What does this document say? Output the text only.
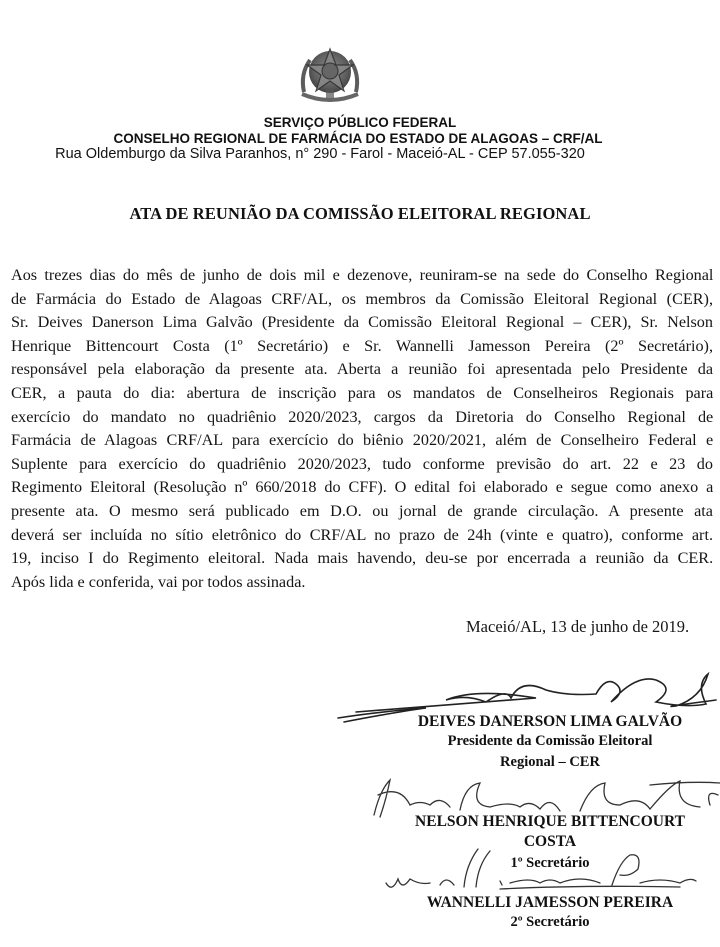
SERVIÇO PÚBLICO FEDERAL
CONSELHO REGIONAL DE FARMÁCIA DO ESTADO DE ALAGOAS – CRF/AL
Rua Oldemburgo da Silva Paranhos, n° 290 - Farol - Maceió-AL - CEP 57.055-320
ATA DE REUNIÃO DA COMISSÃO ELEITORAL REGIONAL
Aos trezes dias do mês de junho de dois mil e dezenove, reuniram-se na sede do Conselho Regional
de Farmácia do Estado de Alagoas CRF/AL, os membros da Comissão Eleitoral Regional (CER),
Sr. Deives Danerson Lima Galvão (Presidente da Comissão Eleitoral Regional – CER), Sr. Nelson
Henrique Bittencourt Costa (1º Secretário) e Sr. Wannelli Jamesson Pereira (2º Secretário),
responsável pela elaboração da presente ata. Aberta a reunião foi apresentada pelo Presidente da
CER, a pauta do dia: abertura de inscrição para os mandatos de Conselheiros Regionais para
exercício do mandato no quadriênio 2020/2023, cargos da Diretoria do Conselho Regional de
Farmácia de Alagoas CRF/AL para exercício do biênio 2020/2021, além de Conselheiro Federal e
Suplente para exercício do quadriênio 2020/2023, tudo conforme previsão do art. 22 e 23 do
Regimento Eleitoral (Resolução nº 660/2018 do CFF). O edital foi elaborado e segue como anexo a
presente ata. O mesmo será publicado em D.O. ou jornal de grande circulação. A presente ata
deverá ser incluída no sítio eletrônico do CRF/AL no prazo de 24h (vinte e quatro), conforme art.
19, inciso I do Regimento eleitoral. Nada mais havendo, deu-se por encerrada a reunião da CER.
Após lida e conferida, vai por todos assinada.
Maceió/AL, 13 de junho de 2019.
DEIVES DANERSON LIMA GALVÃO
Presidente da Comissão Eleitoral
Regional – CER
NELSON HENRIQUE BITTENCOURT
COSTA
1º Secretário
WANNELLI JAMESSON PEREIRA
2º Secretário
